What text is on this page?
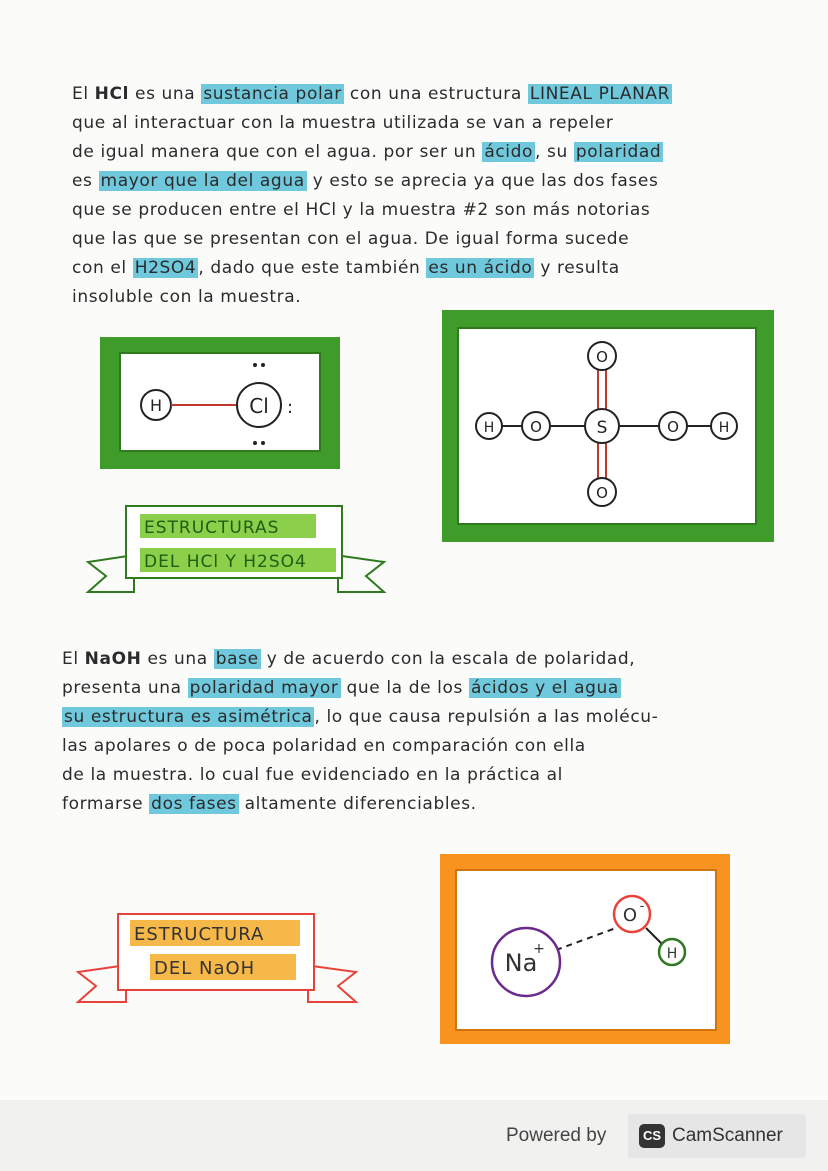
El HCl es una sustancia polar con una estructura LINEAL PLANAR
que al interactuar con la muestra utilizada se van a repeler
de igual manera que con el agua. por ser un ácido , su polaridad
es mayor que la del agua y esto se aprecia ya que las dos fases
que se producen entre el HCl y la muestra #2 son más notorias
que las que se presentan con el agua. De igual forma sucede
con el H2SO4 , dado que este también es un ácido y resulta
insoluble con la muestra.
H	Cl :
H O	S	O	H
O
O
ESTRUCTURAS
DEL HCl Y H2SO4
El NaOH es una base y de acuerdo con la escala de polaridad,
presenta una polaridad mayor que la de los ácidos y el agua
su estructura es asimétrica , lo que causa repulsión a las molécu-
las apolares o de poca polaridad en comparación con ella
de la muestra. lo cual fue evidenciado en la práctica al
formarse dos fases altamente diferenciables.
ESTRUCTURA
DEL NaOH	Na
+
O -
H
Powered by	CS CamScanner
